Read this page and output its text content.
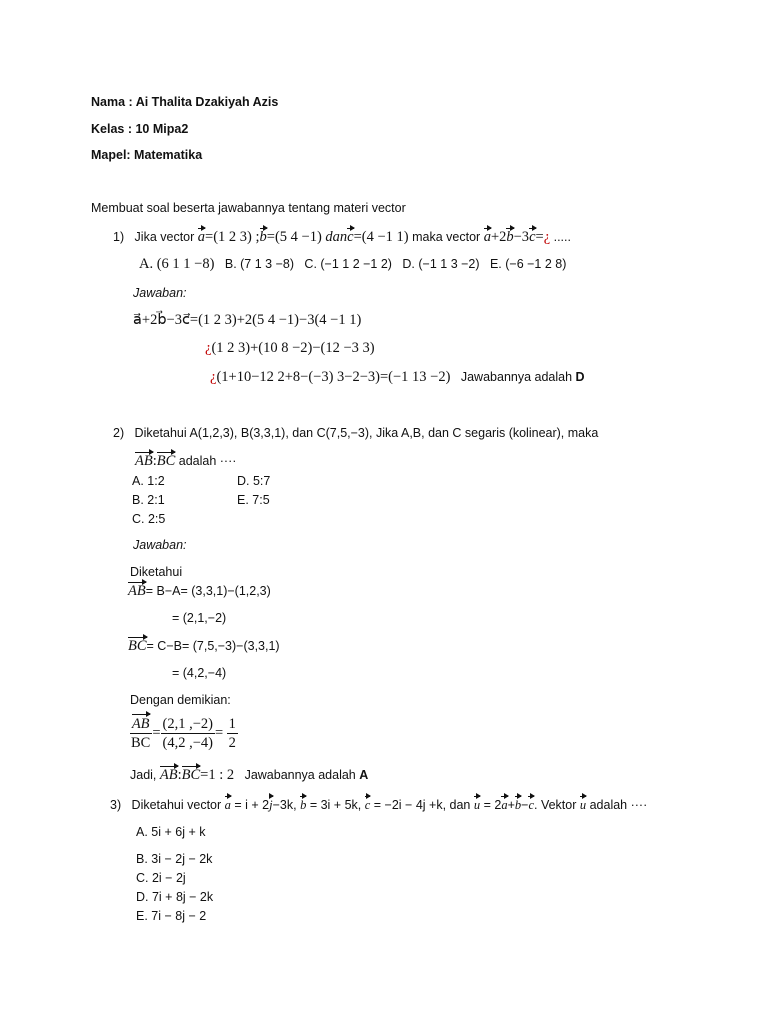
Nama : Ai Thalita Dzakiyah Azis
Kelas : 10 Mipa2
Mapel: Matematika
Membuat soal beserta jawabannya tentang materi vector
1) Jika vector a=(1 2 3) ;b=(5 4 −1) danc=(4 −1 1) maka vector a+2b−3c=¿ .....
A. (6 1 1 −8) B. (7 1 3 −8) C. (−1 1 2 −1 2) D. (−1 1 3 −2) E. (−6 −1 2 8)
Jawaban:
a⃗+2b⃗−3c⃗=(1 2 3)+2(5 4 −1)−3(4 −1 1)
¿(1 2 3)+(10 8 −2)−(12 −3 3)
¿(1+10−12 2+8−(−3) 3−2−3)=(−1 13 −2) Jawabannya adalah D
2) Diketahui A(1,2,3), B(3,3,1), dan C(7,5,−3), Jika A,B, dan C segaris (kolinear), maka
AB:BC adalah ····
A. 1:2	D. 5:7
B. 2:1	E. 7:5
C. 2:5
Jawaban:
Diketahui
AB= B−A= (3,3,1)−(1,2,3)
= (2,1,−2)
BC= C−B= (7,5,−3)−(3,3,1)
= (4,2,−4)
Dengan demikian:
$\frac{AB}{BC} = \frac{(2,1 ,-2)}{(4,2 ,-4)} = \frac{1}{2}$
Jadi, AB:BC=1 : 2 Jawabannya adalah A
3) Diketahui vector a = i + 2j−3k, b = 3i + 5k, c = −2i − 4j +k, dan u = 2a+b−c. Vektor u adalah ····
A. 5i + 6j + k
B. 3i − 2j − 2k
C. 2i − 2j
D. 7i + 8j − 2k
E. 7i − 8j − 2
